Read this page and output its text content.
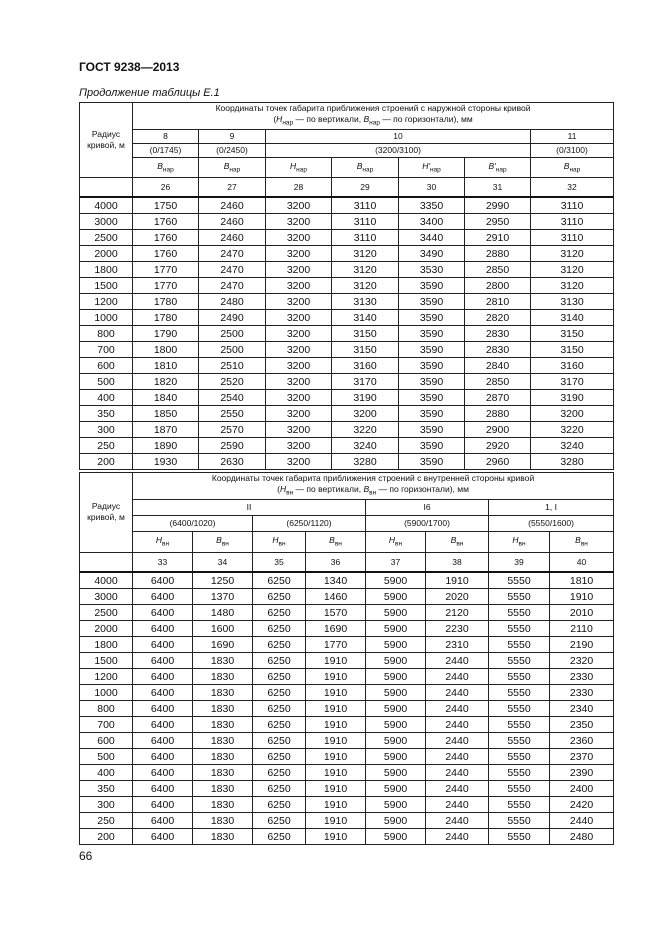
ГОСТ 9238—2013
Продолжение таблицы Е.1
Радиус кривой, м	Координаты точек габарита приближения строений с наружной стороны кривой
($H_{нар}$ — по вертикали, $B_{нар}$ — по горизонтали), мм						
	8	9	10				11
	(0/1745)	(0/2450)	(3200/3100)				(0/3100)
	$B_{нар}$	$B_{нар}$	$H_{нар}$	$B_{нар}$	$H'_{нар}$	$B'_{нар}$	$B_{нар}$
	26	27	28	29	30	31	32
4000	1750	2460	3200	3110	3350	2990	3110
3000	1760	2460	3200	3110	3400	2950	3110
2500	1760	2460	3200	3110	3440	2910	3110
2000	1760	2470	3200	3120	3490	2880	3120
1800	1770	2470	3200	3120	3530	2850	3120
1500	1770	2470	3200	3120	3590	2800	3120
1200	1780	2480	3200	3130	3590	2810	3130
1000	1780	2490	3200	3140	3590	2820	3140
800	1790	2500	3200	3150	3590	2830	3150
700	1800	2500	3200	3150	3590	2830	3150
600	1810	2510	3200	3160	3590	2840	3160
500	1820	2520	3200	3170	3590	2850	3170
400	1840	2540	3200	3190	3590	2870	3190
350	1850	2550	3200	3200	3590	2880	3200
300	1870	2570	3200	3220	3590	2900	3220
250	1890	2590	3200	3240	3590	2920	3240
200	1930	2630	3200	3280	3590	2960	3280
Радиус кривой, м	Координаты точек габарита приближения строений с внутренней стороны кривой
($H_{вн}$ — по вертикали, $B_{вн}$ — по горизонтали), мм							
	II				I6		1, I	
	(6400/1020)		(6250/1120)		(5900/1700)		(5550/1600)	
	$H_{вн}$	$B_{вн}$	$H_{вн}$	$B_{вн}$	$H_{вн}$	$B_{вн}$	$H_{вн}$	$B_{вн}$
	33	34	35	36	37	38	39	40
4000	6400	1250	6250	1340	5900	1910	5550	1810
3000	6400	1370	6250	1460	5900	2020	5550	1910
2500	6400	1480	6250	1570	5900	2120	5550	2010
2000	6400	1600	6250	1690	5900	2230	5550	2110
1800	6400	1690	6250	1770	5900	2310	5550	2190
1500	6400	1830	6250	1910	5900	2440	5550	2320
1200	6400	1830	6250	1910	5900	2440	5550	2330
1000	6400	1830	6250	1910	5900	2440	5550	2330
800	6400	1830	6250	1910	5900	2440	5550	2340
700	6400	1830	6250	1910	5900	2440	5550	2350
600	6400	1830	6250	1910	5900	2440	5550	2360
500	6400	1830	6250	1910	5900	2440	5550	2370
400	6400	1830	6250	1910	5900	2440	5550	2390
350	6400	1830	6250	1910	5900	2440	5550	2400
300	6400	1830	6250	1910	5900	2440	5550	2420
250	6400	1830	6250	1910	5900	2440	5550	2440
200	6400	1830	6250	1910	5900	2440	5550	2480
66
